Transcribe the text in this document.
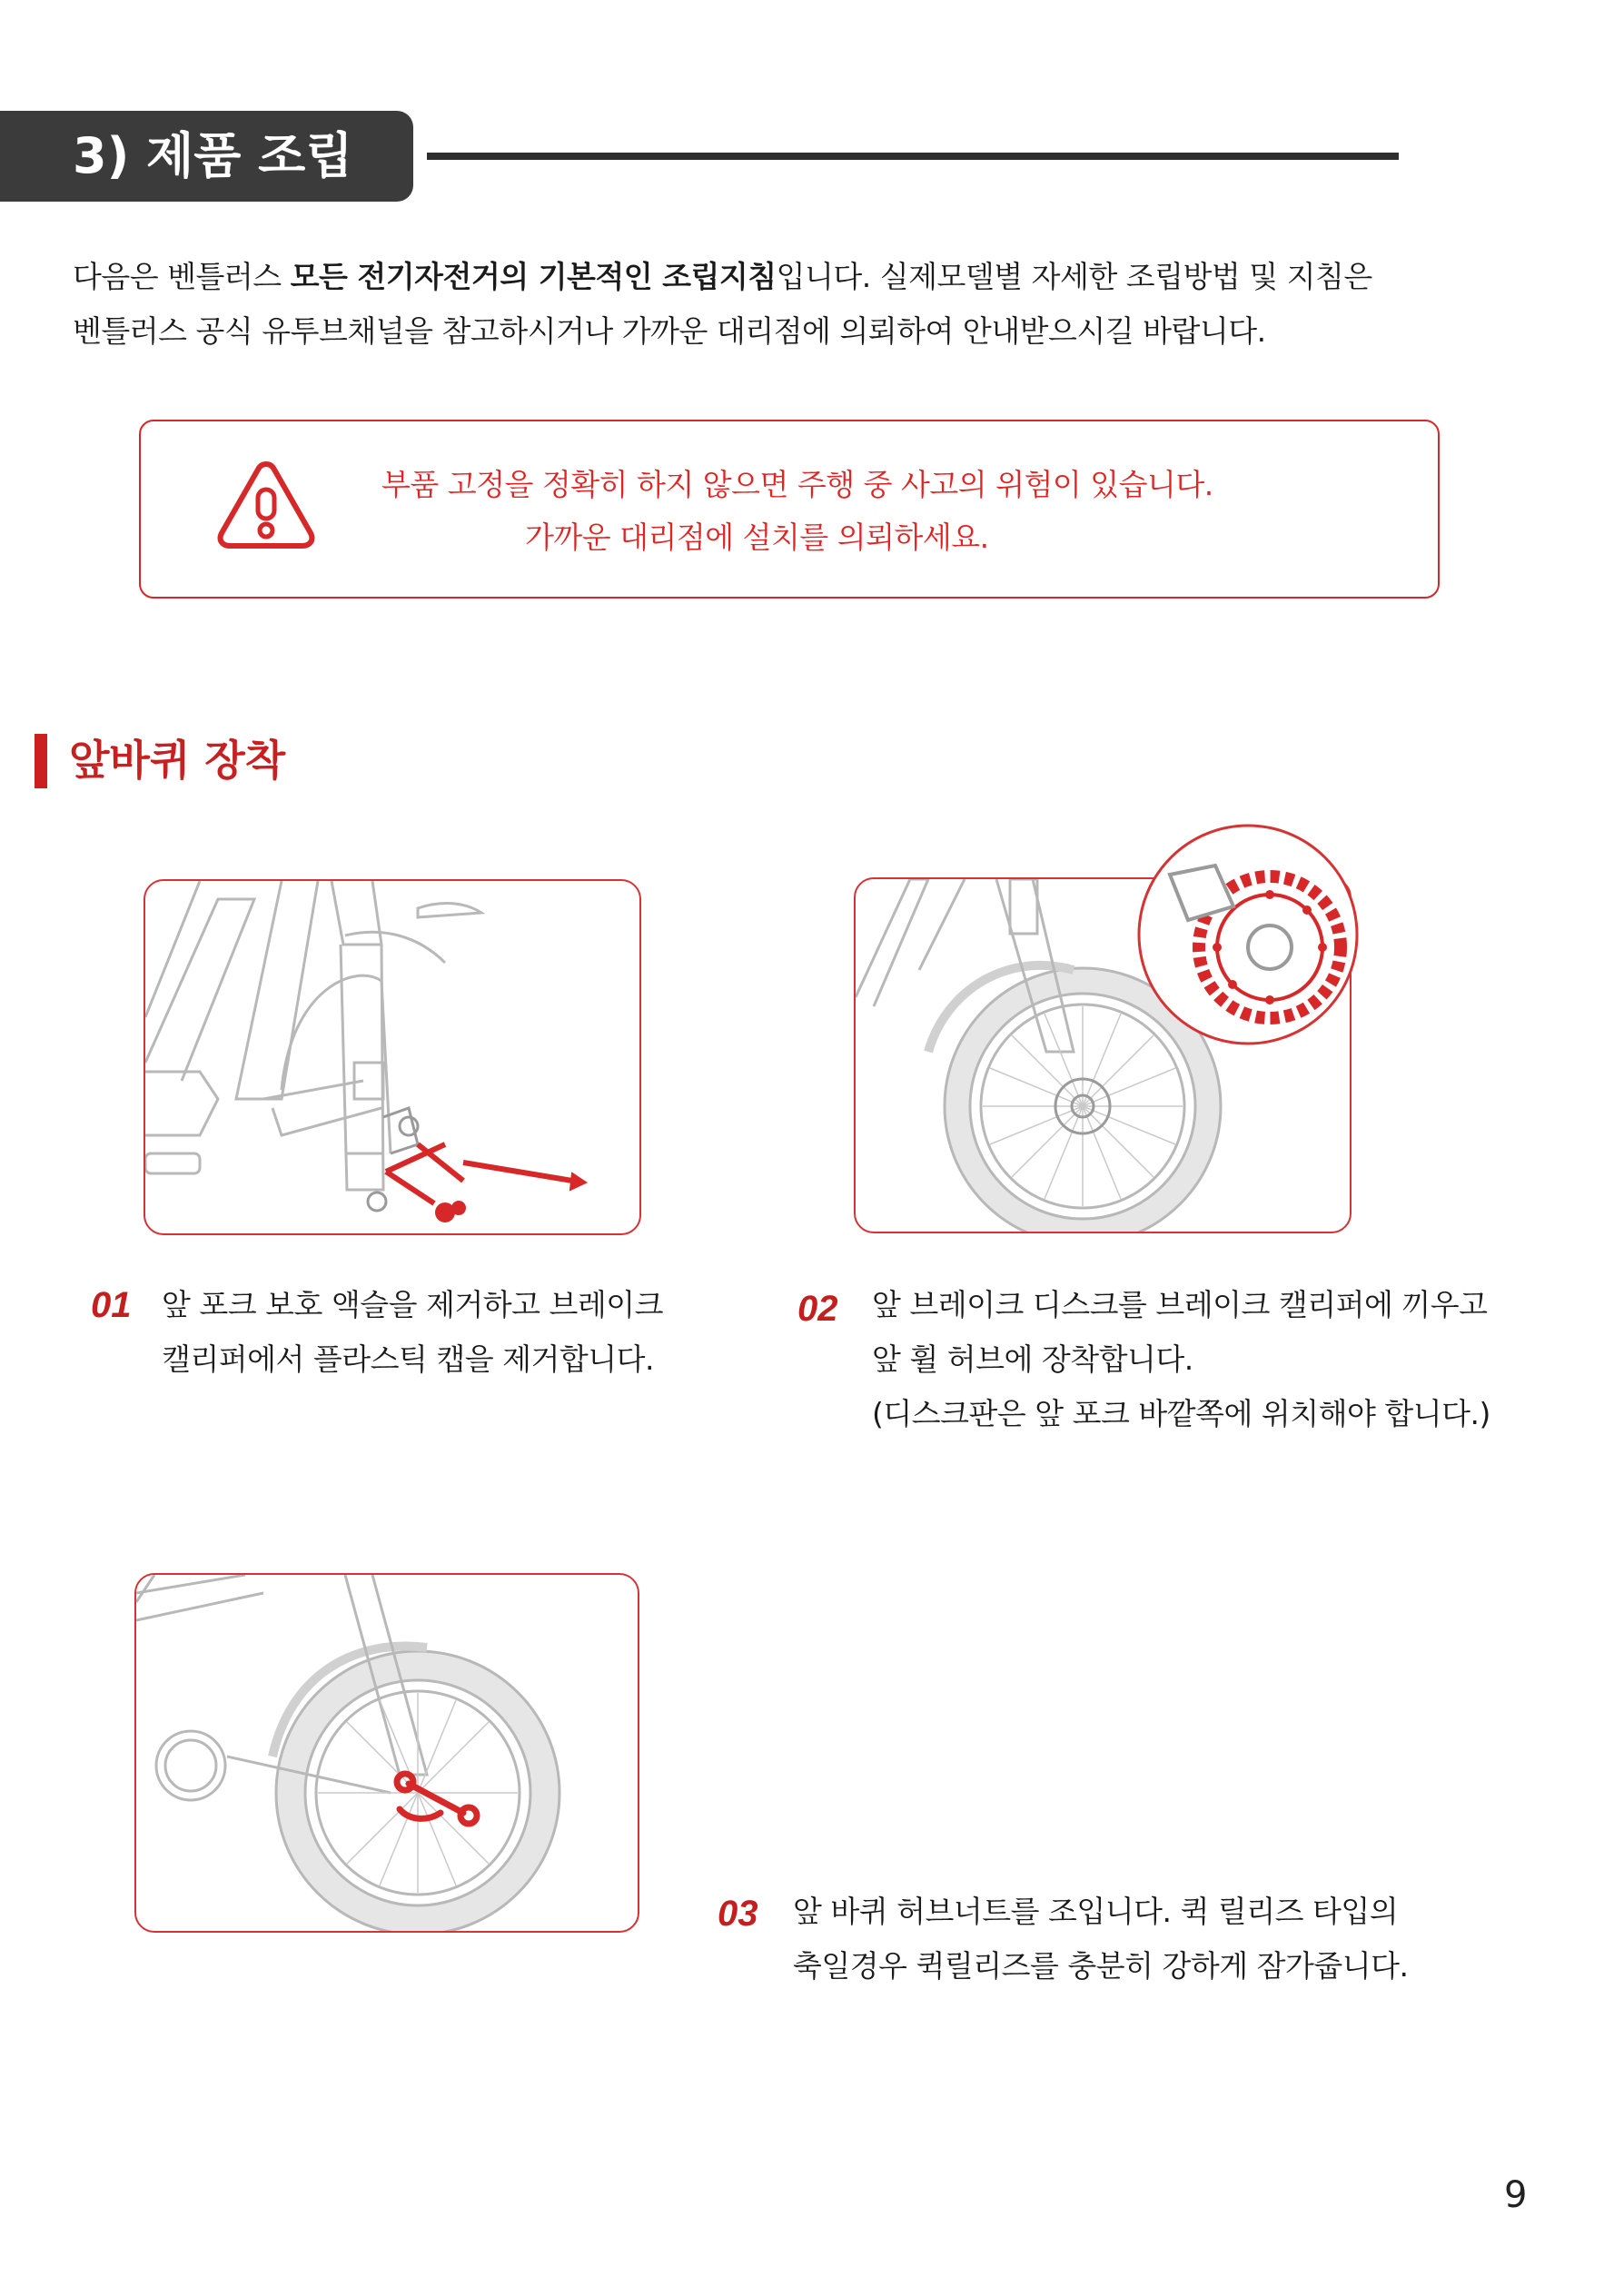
3) 제품 조립
다음은 벤틀러스 모든 전기자전거의 기본적인 조립지침입니다. 실제모델별 자세한 조립방법 및 지침은
벤틀러스 공식 유투브채널을 참고하시거나 가까운 대리점에 의뢰하여 안내받으시길 바랍니다.
부품 고정을 정확히 하지 않으면 주행 중 사고의 위험이 있습니다.
가까운 대리점에 설치를 의뢰하세요.
앞바퀴 장착
01 앞 포크 보호 액슬을 제거하고 브레이크
캘리퍼에서 플라스틱 캡을 제거합니다.
02 앞 브레이크 디스크를 브레이크 캘리퍼에 끼우고
앞 휠 허브에 장착합니다.
(디스크판은 앞 포크 바깥쪽에 위치해야 합니다.)
03 앞 바퀴 허브너트를 조입니다. 퀵 릴리즈 타입의
축일경우 퀵릴리즈를 충분히 강하게 잠가줍니다.
9
